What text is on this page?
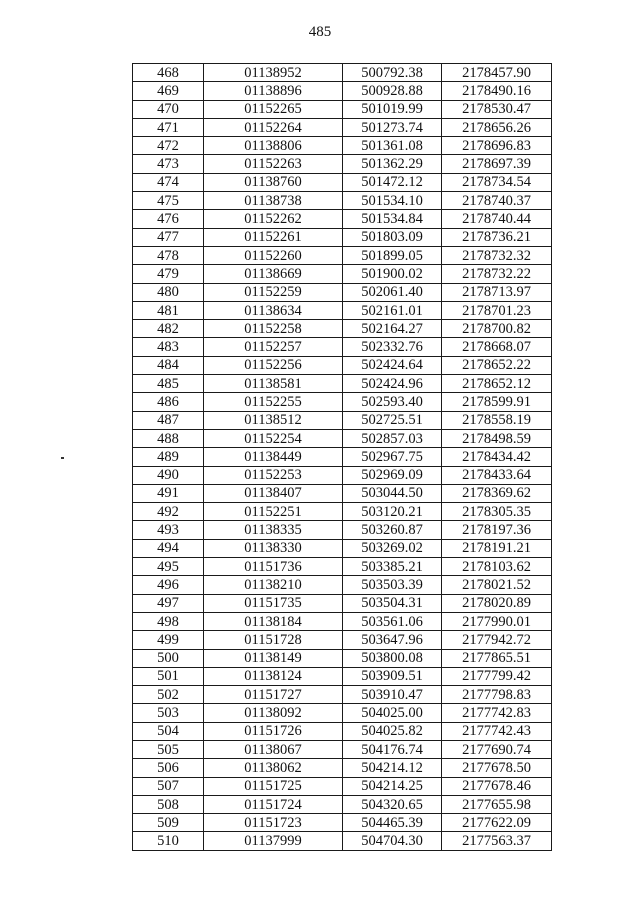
485
468	01138952	500792.38	2178457.90
469	01138896	500928.88	2178490.16
470	01152265	501019.99	2178530.47
471	01152264	501273.74	2178656.26
472	01138806	501361.08	2178696.83
473	01152263	501362.29	2178697.39
474	01138760	501472.12	2178734.54
475	01138738	501534.10	2178740.37
476	01152262	501534.84	2178740.44
477	01152261	501803.09	2178736.21
478	01152260	501899.05	2178732.32
479	01138669	501900.02	2178732.22
480	01152259	502061.40	2178713.97
481	01138634	502161.01	2178701.23
482	01152258	502164.27	2178700.82
483	01152257	502332.76	2178668.07
484	01152256	502424.64	2178652.22
485	01138581	502424.96	2178652.12
486	01152255	502593.40	2178599.91
487	01138512	502725.51	2178558.19
488	01152254	502857.03	2178498.59
489	01138449	502967.75	2178434.42
490	01152253	502969.09	2178433.64
491	01138407	503044.50	2178369.62
492	01152251	503120.21	2178305.35
493	01138335	503260.87	2178197.36
494	01138330	503269.02	2178191.21
495	01151736	503385.21	2178103.62
496	01138210	503503.39	2178021.52
497	01151735	503504.31	2178020.89
498	01138184	503561.06	2177990.01
499	01151728	503647.96	2177942.72
500	01138149	503800.08	2177865.51
501	01138124	503909.51	2177799.42
502	01151727	503910.47	2177798.83
503	01138092	504025.00	2177742.83
504	01151726	504025.82	2177742.43
505	01138067	504176.74	2177690.74
506	01138062	504214.12	2177678.50
507	01151725	504214.25	2177678.46
508	01151724	504320.65	2177655.98
509	01151723	504465.39	2177622.09
510	01137999	504704.30	2177563.37
